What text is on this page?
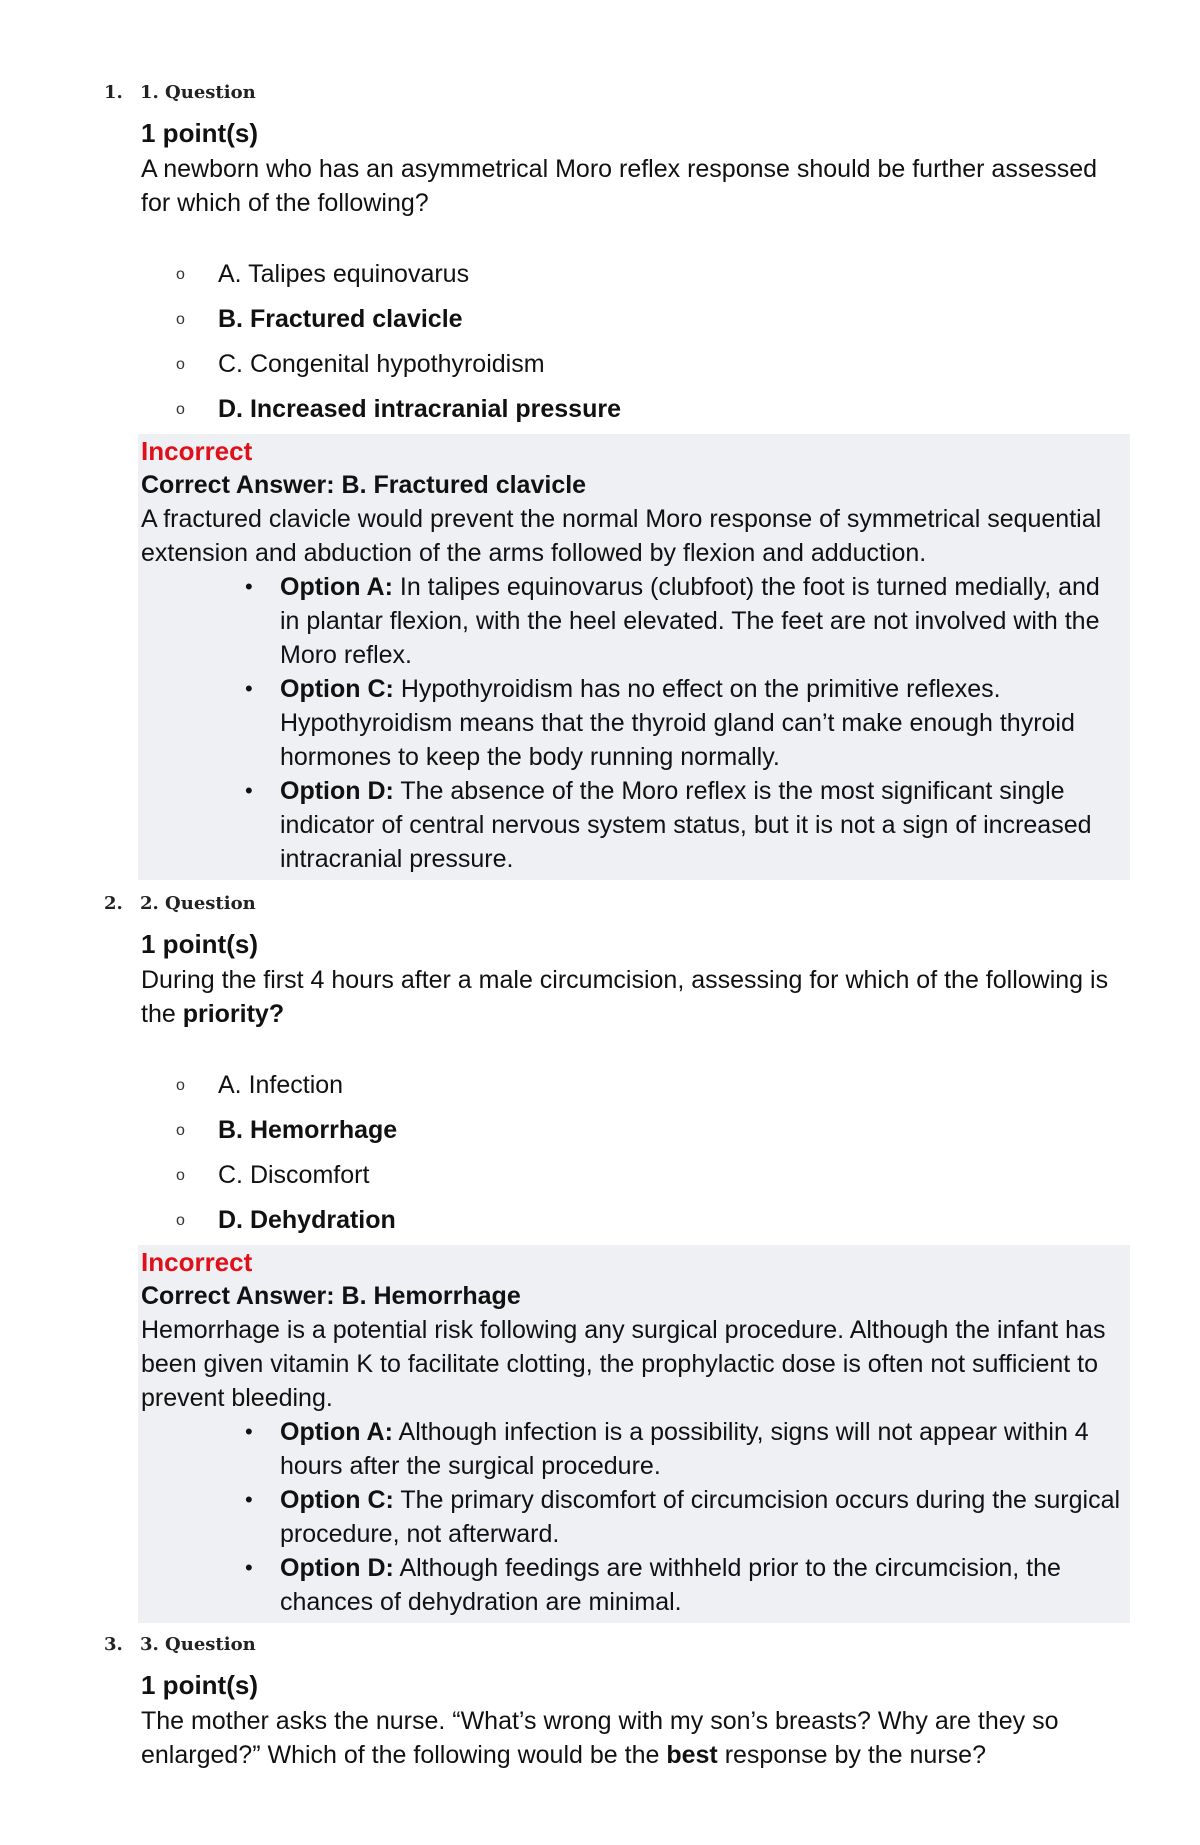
1. 1. Question
1 point(s)
A newborn who has an asymmetrical Moro reflex response should be further assessed for which of the following?
o A. Talipes equinovarus
o B. Fractured clavicle
o C. Congenital hypothyroidism
o D. Increased intracranial pressure
Incorrect
Correct Answer: B. Fractured clavicle
A fractured clavicle would prevent the normal Moro response of symmetrical sequential extension and abduction of the arms followed by flexion and adduction.
• Option A: In talipes equinovarus (clubfoot) the foot is turned medially, and in plantar flexion, with the heel elevated. The feet are not involved with the Moro reflex.
• Option C: Hypothyroidism has no effect on the primitive reflexes. Hypothyroidism means that the thyroid gland can’t make enough thyroid hormones to keep the body running normally.
• Option D: The absence of the Moro reflex is the most significant single indicator of central nervous system status, but it is not a sign of increased intracranial pressure.
2. 2. Question
1 point(s)
During the first 4 hours after a male circumcision, assessing for which of the following is the priority?
o A. Infection
o B. Hemorrhage
o C. Discomfort
o D. Dehydration
Incorrect
Correct Answer: B. Hemorrhage
Hemorrhage is a potential risk following any surgical procedure. Although the infant has been given vitamin K to facilitate clotting, the prophylactic dose is often not sufficient to prevent bleeding.
• Option A: Although infection is a possibility, signs will not appear within 4 hours after the surgical procedure.
• Option C: The primary discomfort of circumcision occurs during the surgical procedure, not afterward.
• Option D: Although feedings are withheld prior to the circumcision, the chances of dehydration are minimal.
3. 3. Question
1 point(s)
The mother asks the nurse. “What’s wrong with my son’s breasts? Why are they so enlarged?” Which of the following would be the best response by the nurse?
